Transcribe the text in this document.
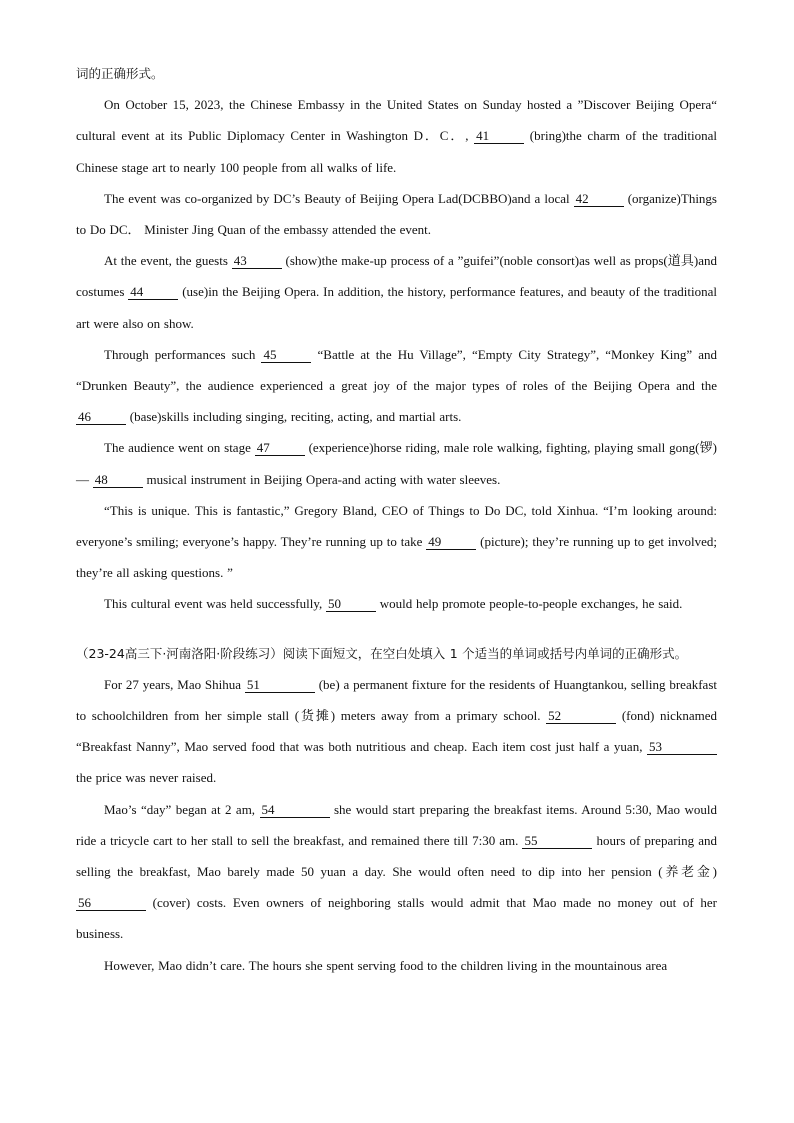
词的正确形式。

On October 15, 2023, the Chinese Embassy in the United States on Sunday hosted a ”Discover Beijing Opera“ cultural event at its Public Diplomacy Center in Washington D．C．, 41	(bring)the charm of the traditional Chinese stage art to nearly 100 people from all walks of life.

The event was co-organized by DC’s Beauty of Beijing Opera Lad(DCBBO)and a local 42	(organize)Things to Do DC． Minister Jing Quan of the embassy attended the event.

At the event, the guests 43	(show)the make-up process of a ”guifei”(noble consort)as well as props(道具)and costumes 44	(use)in the Beijing Opera. In addition, the history, performance features, and beauty of the traditional art were also on show.

Through performances such 45	“Battle at the Hu Village”, “Empty City Strategy”, “Monkey King” and “Drunken Beauty”, the audience experienced a great joy of the major types of roles of the Beijing Opera and the 46	(base)skills including singing, reciting, acting, and martial arts.

The audience went on stage 47	(experience)horse riding, male role walking, fighting, playing small gong(锣)— 48	musical instrument in Beijing Opera-and acting with water sleeves.

“This is unique. This is fantastic,” Gregory Bland, CEO of Things to Do DC, told Xinhua. “I’m looking around: everyone’s smiling; everyone’s happy. They’re running up to take 49	(picture); they’re running up to get involved; they’re all asking questions. ”

This cultural event was held successfully, 50	would help promote people-to-people exchanges, he said.

（23-24高三下·河南洛阳·阶段练习）阅读下面短文，在空白处填入 1 个适当的单词或括号内单词的正确形式。

For 27 years, Mao Shihua 51	(be) a permanent fixture for the residents of Huangtankou, selling breakfast to schoolchildren from her simple stall (货摊) meters away from a primary school. 52	(fond) nicknamed “Breakfast Nanny”, Mao served food that was both nutritious and cheap. Each item cost just half a yuan, 53 the price was never raised.

Mao’s “day” began at 2 am, 54	she would start preparing the breakfast items. Around 5:30, Mao would ride a tricycle cart to her stall to sell the breakfast, and remained there till 7:30 am. 55	hours of preparing and selling the breakfast, Mao barely made 50 yuan a day. She would often need to dip into her pension (养老金) 56	(cover) costs. Even owners of neighboring stalls would admit that Mao made no money out of her business.

However, Mao didn’t care. The hours she spent serving food to the children living in the mountainous area
